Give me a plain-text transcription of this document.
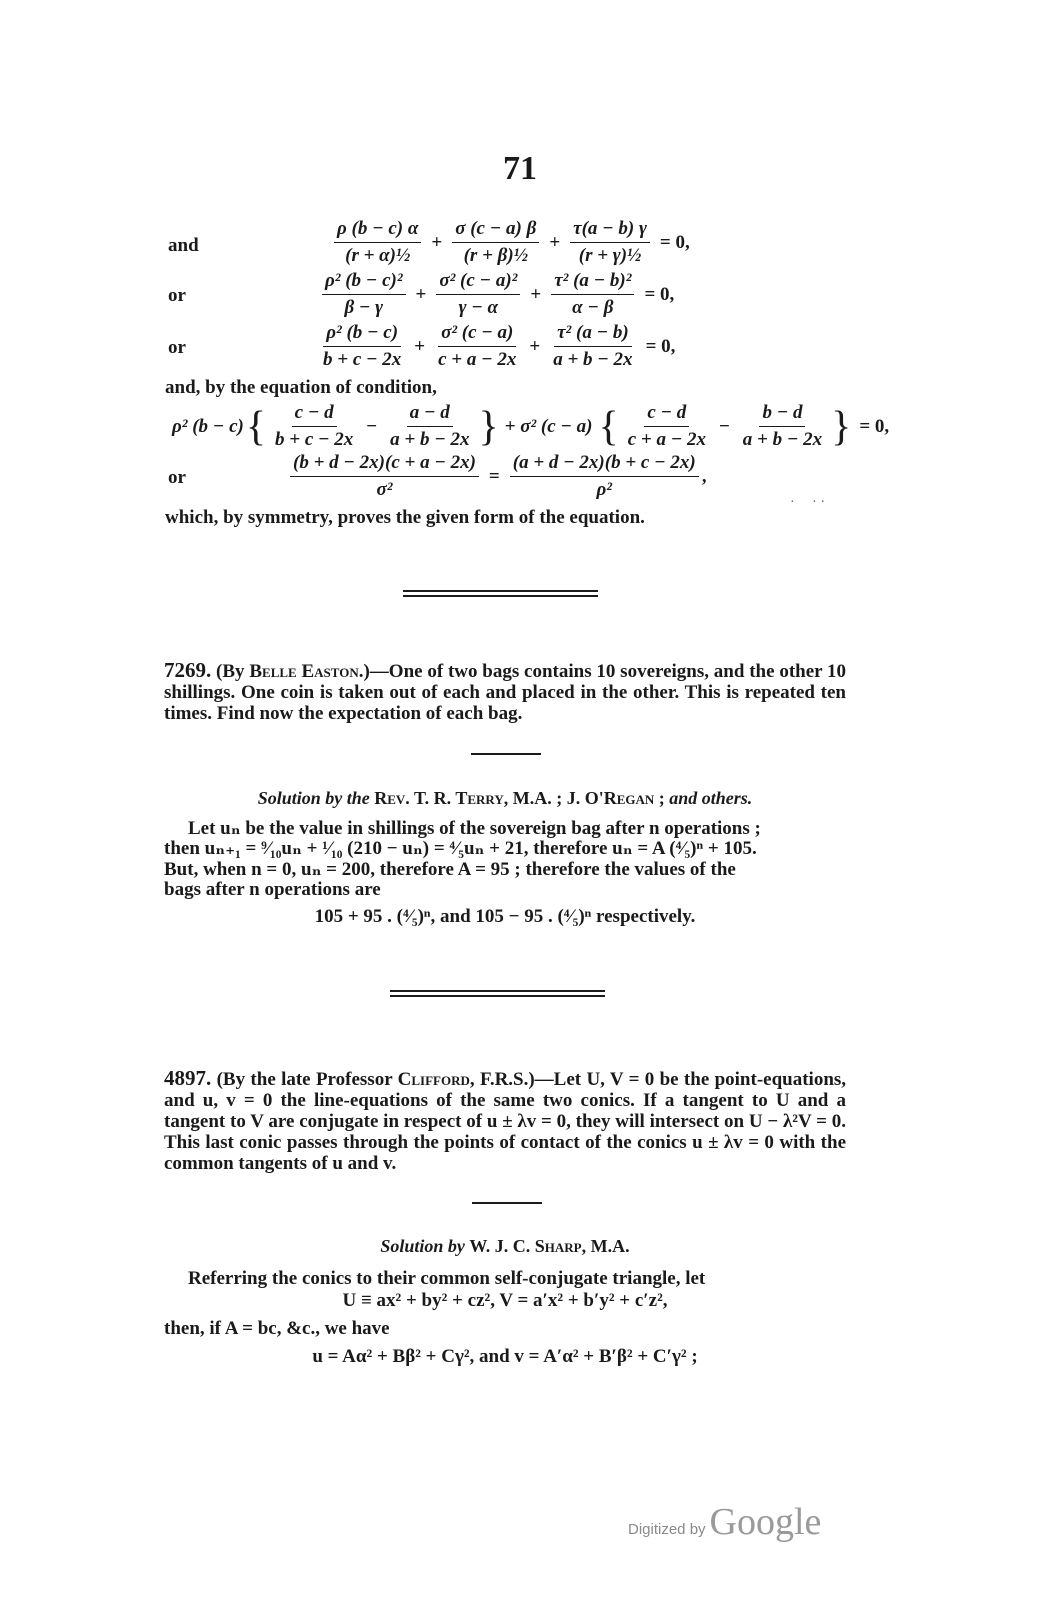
71
and	$\frac{\rho (b - c) \alpha}{\text{(r + α)½}} + \frac{\sigma (c - a) \beta}{\text{(r + β)½}} + \frac{\tau(a - b) \gamma}{\text{(r + γ)½}} = 0$,
or	$\frac{\text{ρ² (b − c)²}}{\beta - \gamma} + \frac{\text{σ² (c − a)²}}{\gamma - \alpha} + \frac{\text{τ² (a − b)²}}{\alpha - \beta} = 0$,
or	$\frac{\text{ρ² (b − c)}}{b + c - 2x} + \frac{\text{σ² (c − a)}}{c + a - 2x} + \frac{\text{τ² (a − b)}}{a + b - 2x} = 0$,
and, by the equation of condition,
ρ² (b − c) { $\frac{c - d}{b + c - 2x} - \frac{a - d}{a + b - 2x}$ } + σ² (c − a) { $\frac{c - d}{c + a - 2x} - \frac{b - d}{a + b - 2x}$ } = 0,
or	$\frac{(b + d - 2x)(c + a - 2x)}{\text{σ²}} = \frac{(a + d - 2x)(b + c - 2x)}{\text{ρ²}}$ ,
which, by symmetry, proves the given form of the equation.
·     · ·
7269. (By Belle Easton.)—One of two bags contains 10 sovereigns, and the other 10 shillings. One coin is taken out of each and placed in the other. This is repeated ten times. Find now the expectation of each bag.
Solution by the Rev. T. R. Terry, M.A. ; J. O'Regan ; and others.
Let uₙ be the value in shillings of the sovereign bag after n operations ;
then uₙ₊₁ = ⁹⁄₁₀uₙ + ¹⁄₁₀ (210 − uₙ) = ⁴⁄₅uₙ + 21, therefore uₙ = A (⁴⁄₅)ⁿ + 105.
But, when n = 0, uₙ = 200, therefore A = 95 ; therefore the values of the
bags after n operations are
105 + 95 . (⁴⁄₅)ⁿ, and 105 − 95 . (⁴⁄₅)ⁿ respectively.
4897. (By the late Professor Clifford, F.R.S.)—Let U, V = 0 be the point-equations, and u, v = 0 the line-equations of the same two conics. If a tangent to U and a tangent to V are conjugate in respect of u ± λv = 0, they will intersect on U − λ²V = 0. This last conic passes through the points of contact of the conics u ± λv = 0 with the common tangents of u and v.
Solution by W. J. C. Sharp, M.A.
Referring the conics to their common self-conjugate triangle, let
U ≡ ax² + by² + cz², V = a′x² + b′y² + c′z²,
then, if A = bc, &c., we have
u = Aα² + Bβ² + Cγ², and v = A′α² + B′β² + C′γ² ;
Digitized by Google
